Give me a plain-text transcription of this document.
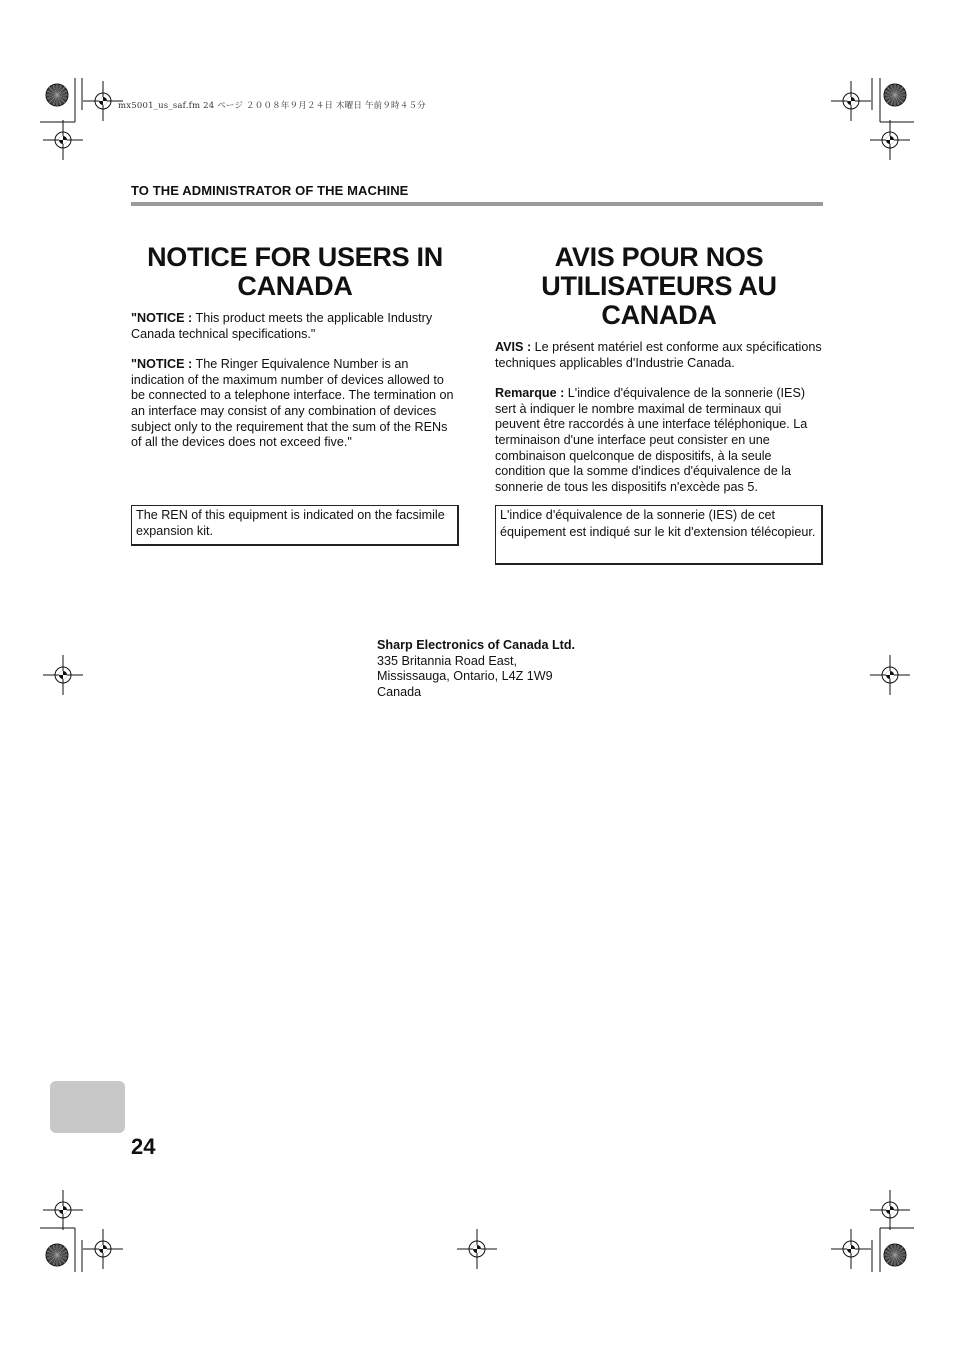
mx5001_us_saf.fm 24 ページ ２００８年９月２４日 木曜日 午前９時４５分
TO THE ADMINISTRATOR OF THE MACHINE
NOTICE FOR USERS IN
CANADA
"NOTICE : This product meets the applicable Industry Canada technical specifications."
"NOTICE : The Ringer Equivalence Number is an indication of the maximum number of devices allowed to be connected to a telephone interface. The termination on an interface may consist of any combination of devices subject only to the requirement that the sum of the RENs of all the devices does not exceed five."
The REN of this equipment is indicated on the facsimile expansion kit.
AVIS POUR NOS
UTILISATEURS AU CANADA
AVIS : Le présent matériel est conforme aux spécifications techniques applicables d'Industrie Canada.
Remarque : L'indice d'équivalence de la sonnerie (IES) sert à indiquer le nombre maximal de terminaux qui peuvent être raccordés à une interface téléphonique. La terminaison d'une interface peut consister en une combinaison quelconque de dispositifs, à la seule condition que la somme d'indices d'équivalence de la sonnerie de tous les dispositifs n'excède pas 5.
L'indice d'équivalence de la sonnerie (IES) de cet équipement est indiqué sur le kit d'extension télécopieur.
Sharp Electronics of Canada Ltd.
335 Britannia Road East,
Mississauga, Ontario, L4Z 1W9
Canada
24
